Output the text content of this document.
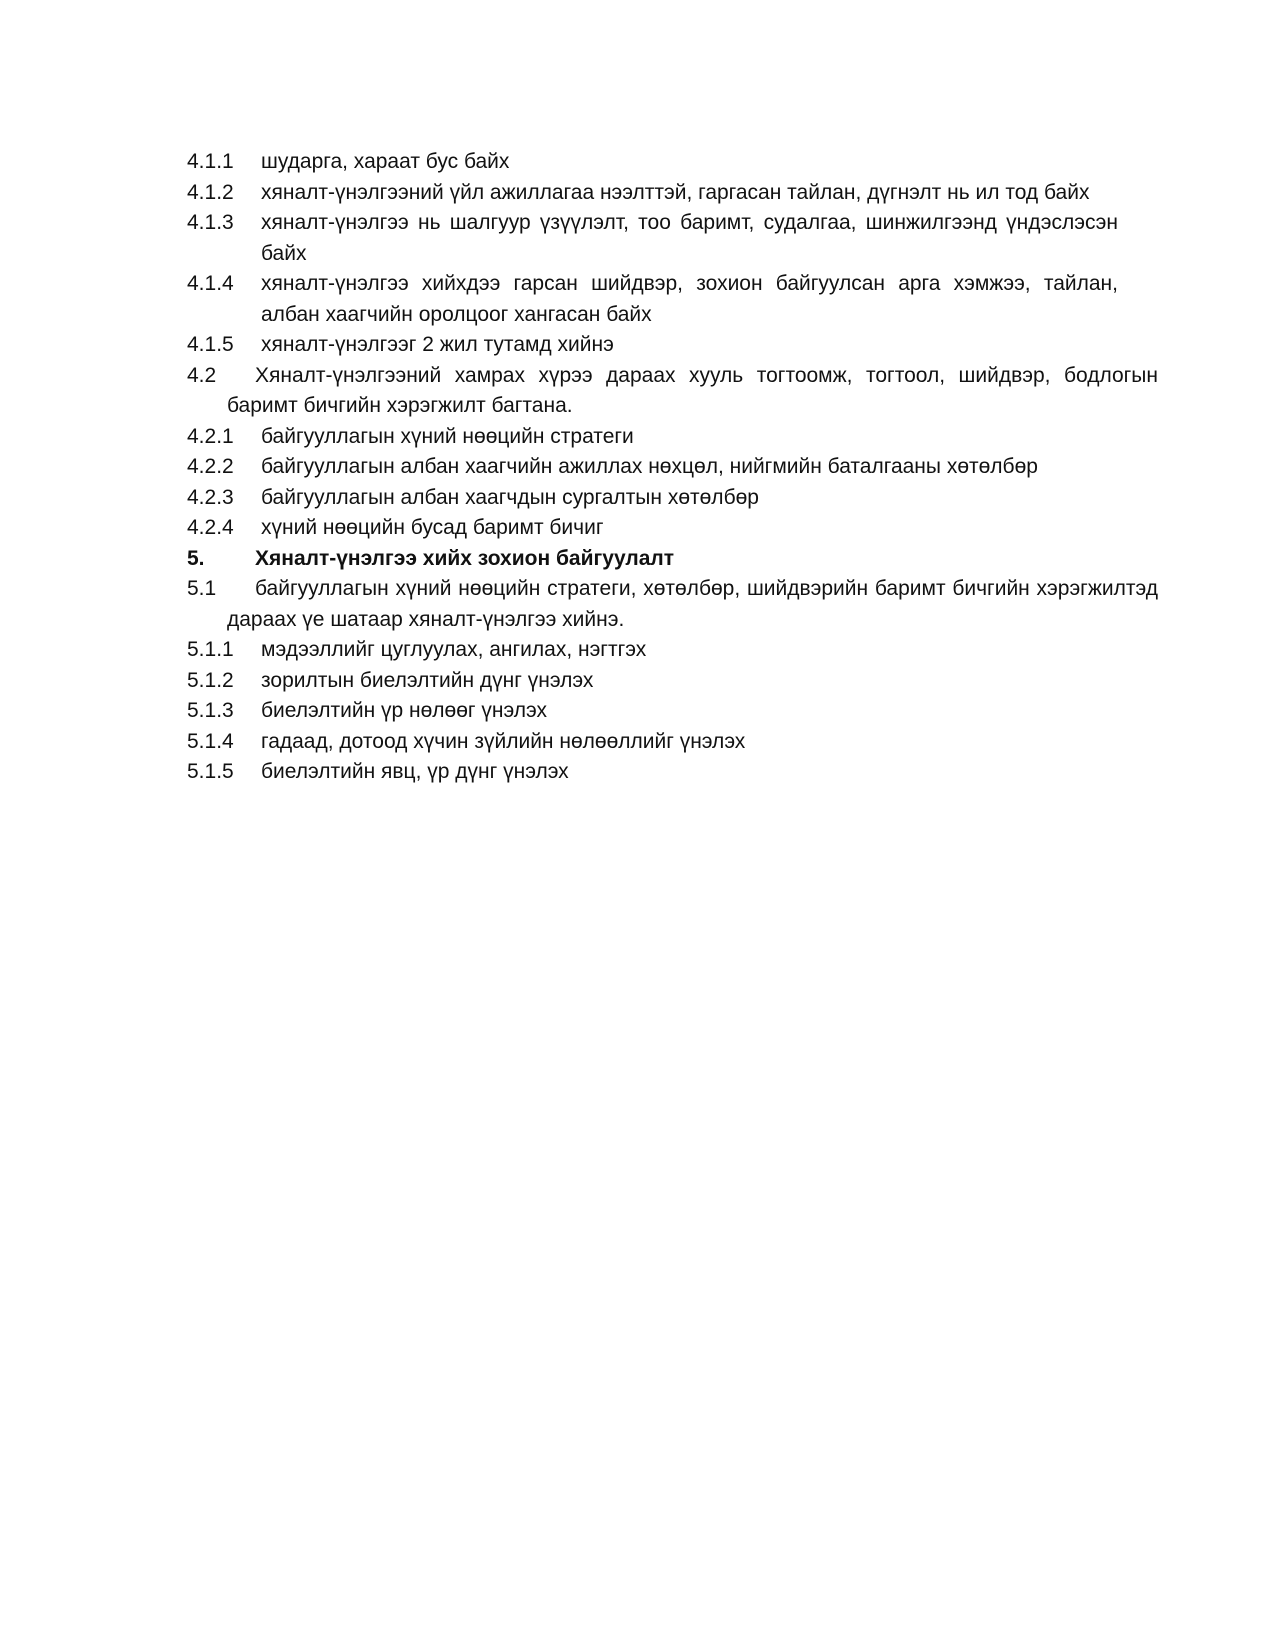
4.1.1	шударга, хараат бус байх
4.1.2	хяналт-үнэлгээний үйл ажиллагаа нээлттэй, гаргасан тайлан, дүгнэлт нь ил тод байх
4.1.3	хяналт-үнэлгээ нь шалгуур үзүүлэлт, тоо баримт, судалгаа, шинжилгээнд үндэслэсэн байх
4.1.4	хяналт-үнэлгээ хийхдээ гарсан шийдвэр, зохион байгуулсан арга хэмжээ, тайлан, албан хаагчийн оролцоог хангасан байх
4.1.5	хяналт-үнэлгээг 2 жил тутамд хийнэ
4.2 Хяналт-үнэлгээний хамрах хүрээ дараах хууль тогтоомж, тогтоол, шийдвэр, бодлогын баримт бичгийн хэрэгжилт багтана.
4.2.1	байгууллагын хүний нөөцийн стратеги
4.2.2	байгууллагын албан хаагчийн ажиллах нөхцөл, нийгмийн баталгааны хөтөлбөр
4.2.3	байгууллагын албан хаагчдын сургалтын хөтөлбөр
4.2.4	хүний нөөцийн бусад баримт бичиг
5. Хяналт-үнэлгээ хийх зохион байгуулалт
5.1 байгууллагын хүний нөөцийн стратеги, хөтөлбөр, шийдвэрийн баримт бичгийн хэрэгжилтэд дараах үе шатаар хяналт-үнэлгээ хийнэ.
5.1.1	мэдээллийг цуглуулах, ангилах, нэгтгэх
5.1.2	зорилтын биелэлтийн дүнг үнэлэх
5.1.3	биелэлтийн үр нөлөөг үнэлэх
5.1.4	гадаад, дотоод хүчин зүйлийн нөлөөллийг үнэлэх
5.1.5	биелэлтийн явц, үр дүнг үнэлэх
